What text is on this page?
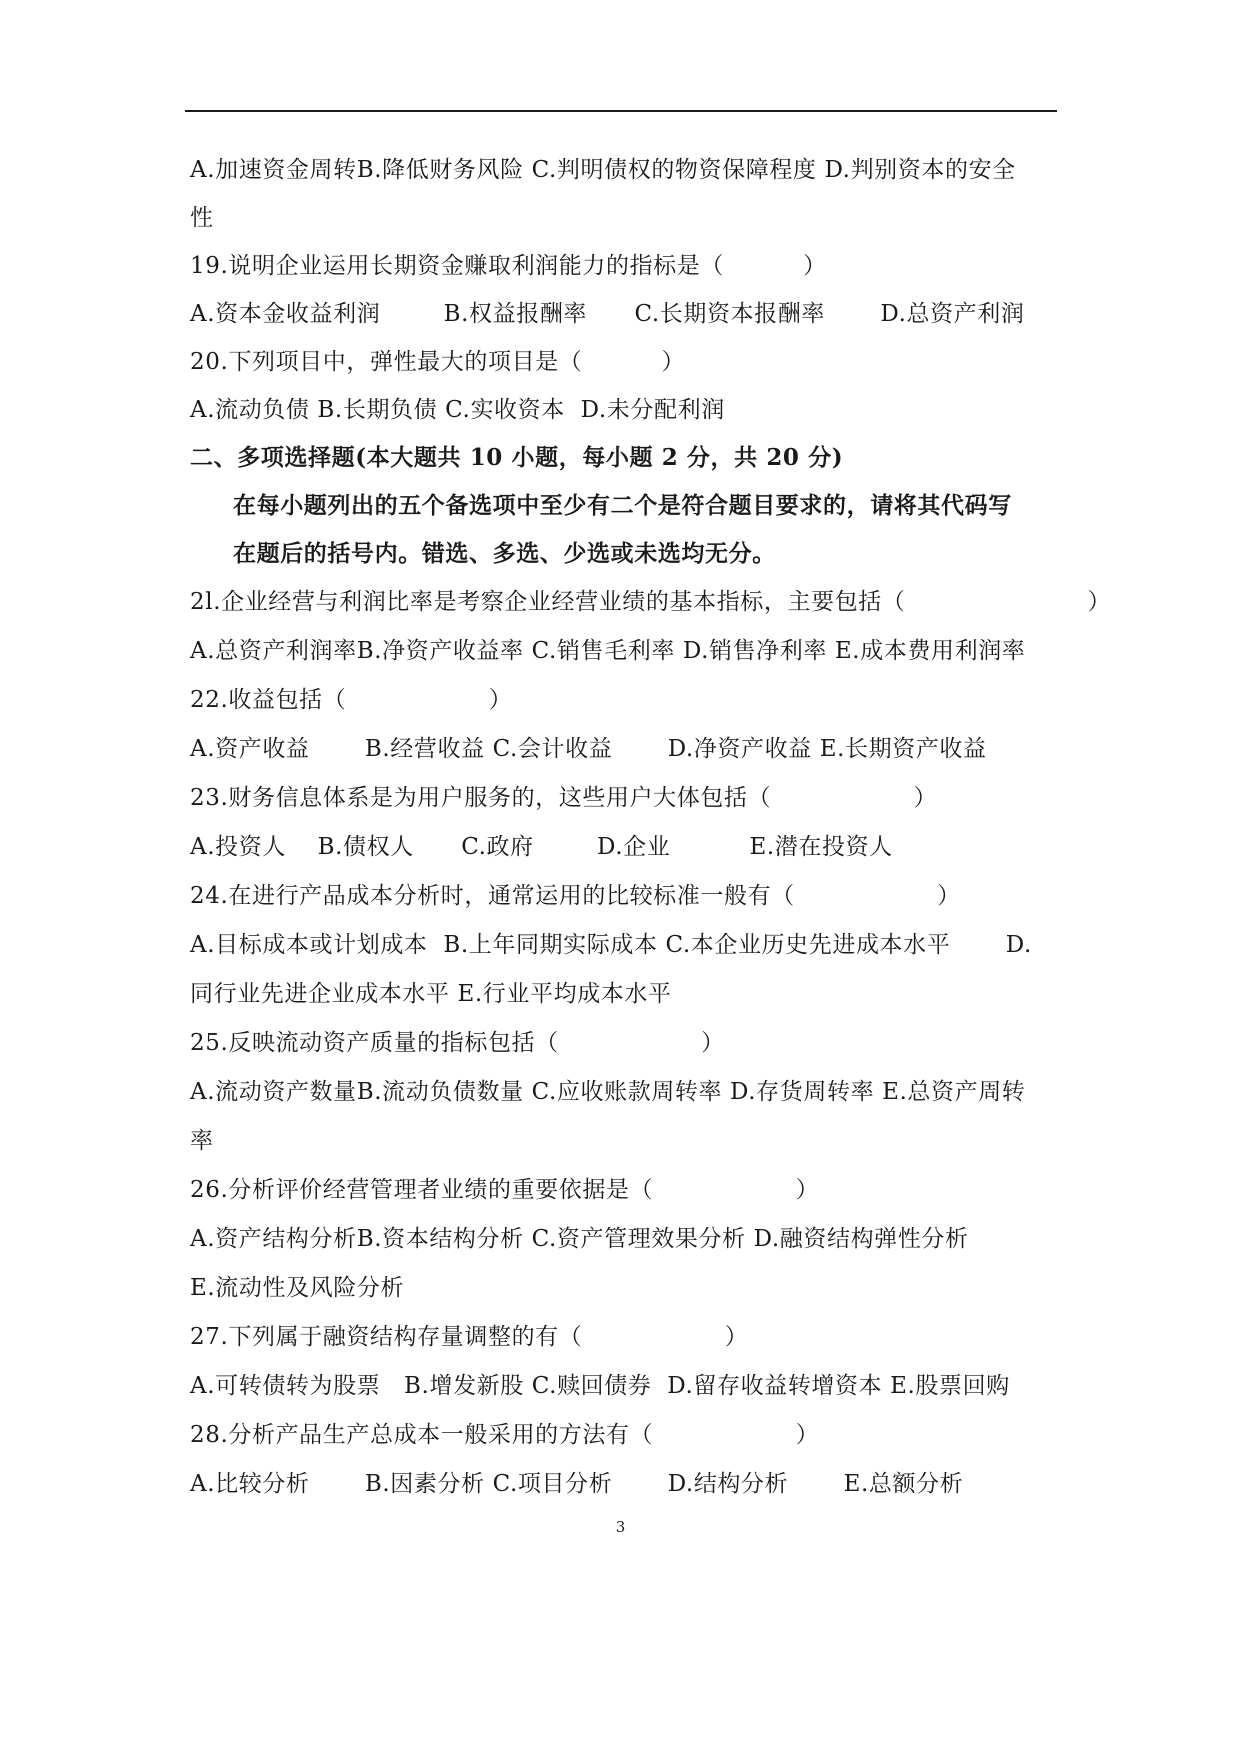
A.加速资金周转B.降低财务风险 C.判明债权的物资保障程度 D.判别资本的安全
性
19.说明企业运用长期资金赚取利润能力的指标是（          ）
A.资本金收益利润        B.权益报酬率      C.长期资本报酬率       D.总资产利润
20.下列项目中，弹性最大的项目是（          ）
A.流动负债 B.长期负债 C.实收资本  D.未分配利润
二、多项选择题(本大题共 10 小题，每小题 2 分，共 20 分)
在每小题列出的五个备选项中至少有二个是符合题目要求的，请将其代码写
在题后的括号内。错选、多选、少选或未选均无分。
2l.企业经营与利润比率是考察企业经营业绩的基本指标，主要包括（                       ）
A.总资产利润率B.净资产收益率 C.销售毛利率 D.销售净利率 E.成本费用利润率
22.收益包括（                  ）
A.资产收益       B.经营收益 C.会计收益       D.净资产收益 E.长期资产收益
23.财务信息体系是为用户服务的，这些用户大体包括（                  ）
A.投资人    B.债权人      C.政府        D.企业          E.潜在投资人
24.在进行产品成本分析时，通常运用的比较标准一般有（                  ）
A.目标成本或计划成本  B.上年同期实际成本 C.本企业历史先进成本水平       D.
同行业先进企业成本水平 E.行业平均成本水平
25.反映流动资产质量的指标包括（                  ）
A.流动资产数量B.流动负债数量 C.应收账款周转率 D.存货周转率 E.总资产周转
率
26.分析评价经营管理者业绩的重要依据是（                  ）
A.资产结构分析B.资本结构分析 C.资产管理效果分析 D.融资结构弹性分析
E.流动性及风险分析
27.下列属于融资结构存量调整的有（                  ）
A.可转债转为股票   B.增发新股 C.赎回债券  D.留存收益转增资本 E.股票回购
28.分析产品生产总成本一般采用的方法有（                  ）
A.比较分析       B.因素分析 C.项目分析       D.结构分析       E.总额分析
3
